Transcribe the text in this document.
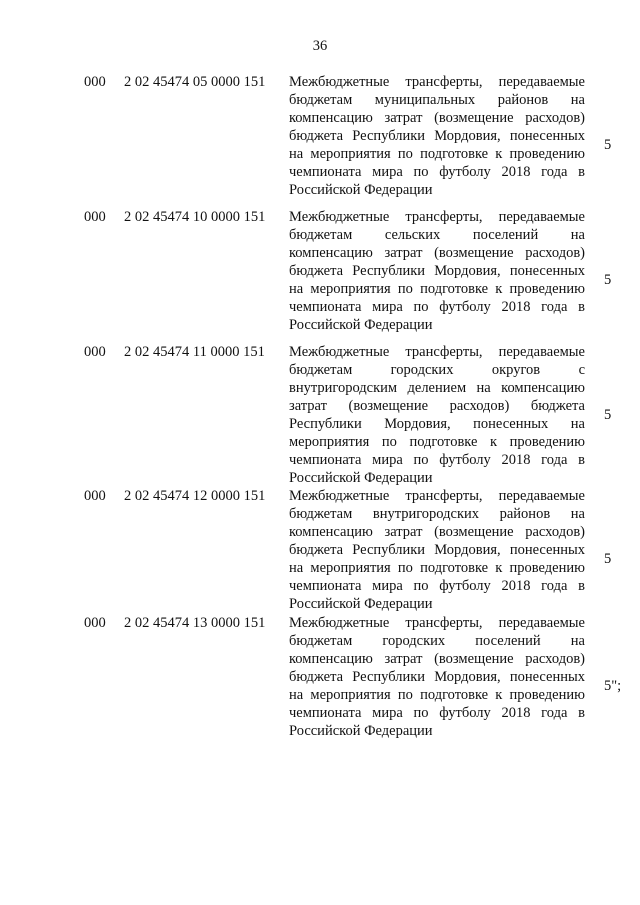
36
000 2 02 45474 05 0000 151 Межбюджетные трансферты, передаваемые
бюджетам муниципальных районов на
компенсацию затрат (возмещение расходов)
бюджета Республики Мордовия, понесенных
на мероприятия по подготовке к проведению
чемпионата мира по футболу 2018 года в
Российской Федерации
5
000 2 02 45474 10 0000 151 Межбюджетные трансферты, передаваемые
бюджетам сельских поселений на
компенсацию затрат (возмещение расходов)
бюджета Республики Мордовия, понесенных
на мероприятия по подготовке к проведению
чемпионата мира по футболу 2018 года в
Российской Федерации
5
000 2 02 45474 11 0000 151 Межбюджетные трансферты, передаваемые
бюджетам	городских	округов	с
внутригородским делением на компенсацию
затрат (возмещение расходов) бюджета
Республики Мордовия, понесенных на
мероприятия по подготовке к проведению
чемпионата мира по футболу 2018 года в
Российской Федерации
5
000 2 02 45474 12 0000 151 Межбюджетные трансферты, передаваемые
бюджетам внутригородских районов на
компенсацию затрат (возмещение расходов)
бюджета Республики Мордовия, понесенных
на мероприятия по подготовке к проведению
чемпионата мира по футболу 2018 года в
Российской Федерации
5
000 2 02 45474 13 0000 151 Межбюджетные трансферты, передаваемые
бюджетам городских поселений на
компенсацию затрат (возмещение расходов)
бюджета Республики Мордовия, понесенных
на мероприятия по подготовке к проведению
чемпионата мира по футболу 2018 года в
Российской Федерации
5";
